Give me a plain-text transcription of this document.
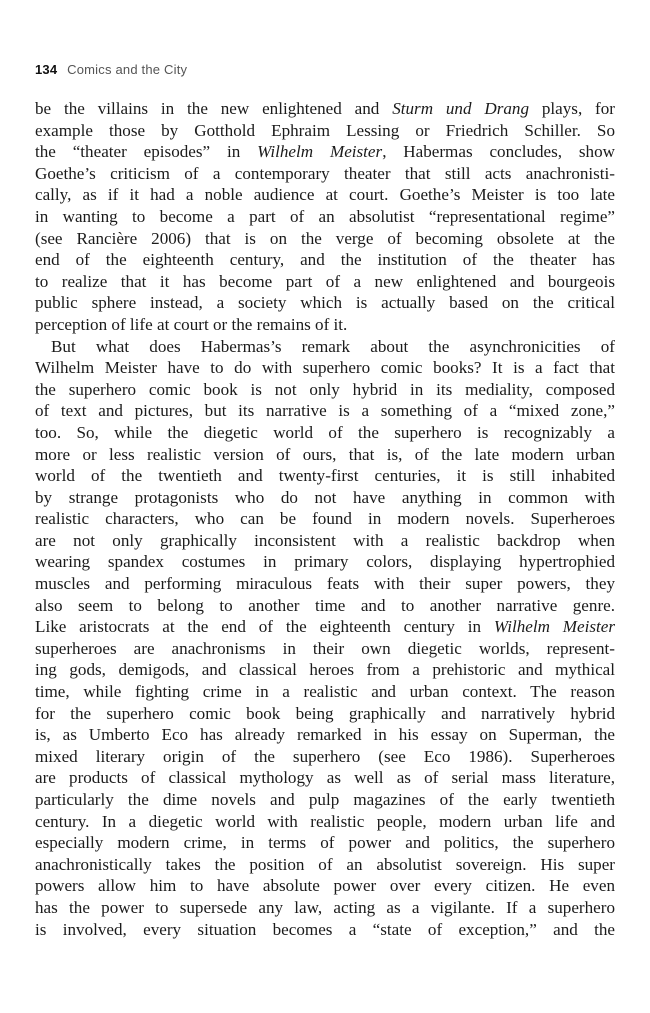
134 Comics and the City
be the villains in the new enlightened and Sturm und Drang plays, for
example those by Gotthold Ephraim Lessing or Friedrich Schiller. So
the “theater episodes” in Wilhelm Meister, Habermas concludes, show
Goethe’s criticism of a contemporary theater that still acts anachronisti-
cally, as if it had a noble audience at court. Goethe’s Meister is too late
in wanting to become a part of an absolutist “representational regime”
(see Rancière 2006) that is on the verge of becoming obsolete at the
end of the eighteenth century, and the institution of the theater has
to realize that it has become part of a new enlightened and bourgeois
public sphere instead, a society which is actually based on the critical
perception of life at court or the remains of it.
But what does Habermas’s remark about the asynchronicities of
Wilhelm Meister have to do with superhero comic books? It is a fact that
the superhero comic book is not only hybrid in its mediality, composed
of text and pictures, but its narrative is a something of a “mixed zone,”
too. So, while the diegetic world of the superhero is recognizably a
more or less realistic version of ours, that is, of the late modern urban
world of the twentieth and twenty-first centuries, it is still inhabited
by strange protagonists who do not have anything in common with
realistic characters, who can be found in modern novels. Superheroes
are not only graphically inconsistent with a realistic backdrop when
wearing spandex costumes in primary colors, displaying hypertrophied
muscles and performing miraculous feats with their super powers, they
also seem to belong to another time and to another narrative genre.
Like aristocrats at the end of the eighteenth century in Wilhelm Meister
superheroes are anachronisms in their own diegetic worlds, represent-
ing gods, demigods, and classical heroes from a prehistoric and mythical
time, while fighting crime in a realistic and urban context. The reason
for the superhero comic book being graphically and narratively hybrid
is, as Umberto Eco has already remarked in his essay on Superman, the
mixed literary origin of the superhero (see Eco 1986). Superheroes
are products of classical mythology as well as of serial mass literature,
particularly the dime novels and pulp magazines of the early twentieth
century. In a diegetic world with realistic people, modern urban life and
especially modern crime, in terms of power and politics, the superhero
anachronistically takes the position of an absolutist sovereign. His super
powers allow him to have absolute power over every citizen. He even
has the power to supersede any law, acting as a vigilante. If a superhero
is involved, every situation becomes a “state of exception,” and the
